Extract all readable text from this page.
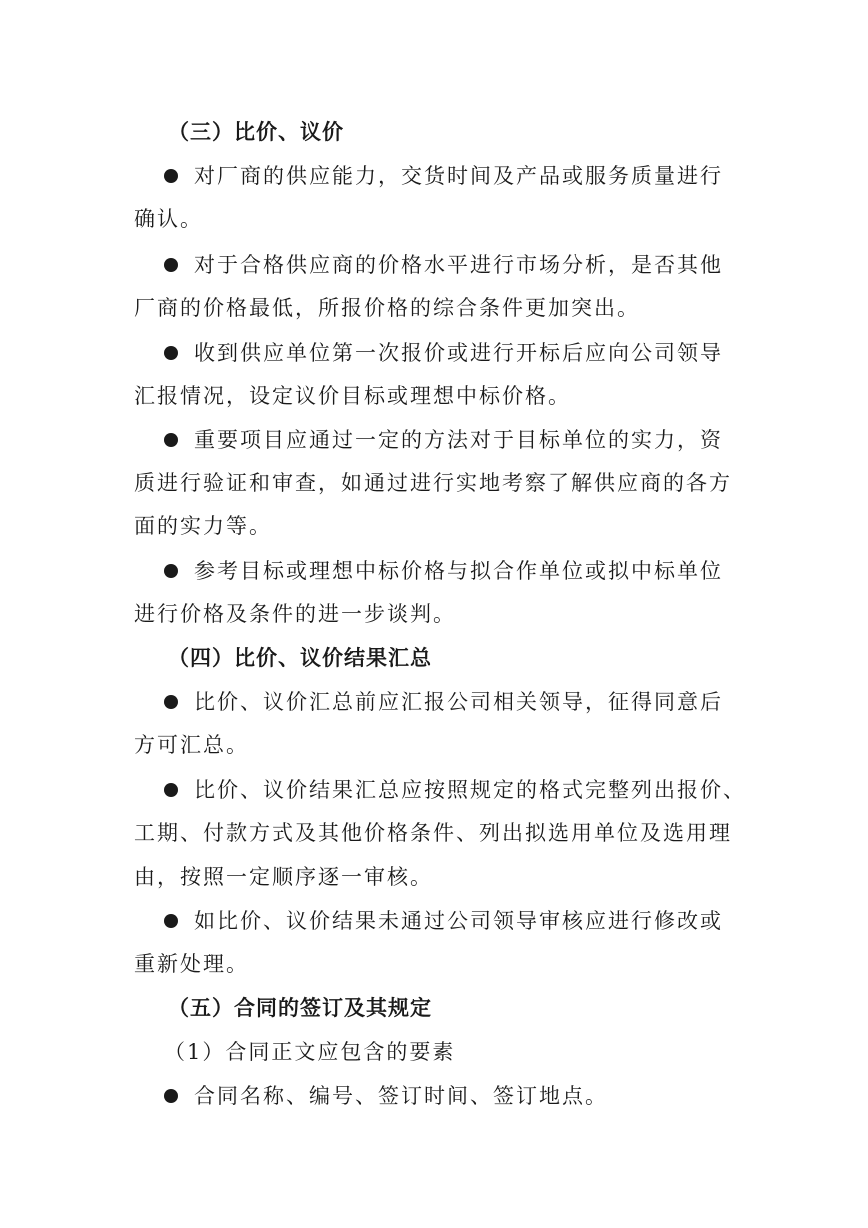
（三）比价、议价
对厂商的供应能力，交货时间及产品或服务质量进行
确认。
对于合格供应商的价格水平进行市场分析，是否其他
厂商的价格最低，所报价格的综合条件更加突出。
收到供应单位第一次报价或进行开标后应向公司领导
汇报情况，设定议价目标或理想中标价格。
重要项目应通过一定的方法对于目标单位的实力，资
质进行验证和审查，如通过进行实地考察了解供应商的各方
面的实力等。
参考目标或理想中标价格与拟合作单位或拟中标单位
进行价格及条件的进一步谈判。
（四）比价、议价结果汇总
比价、议价汇总前应汇报公司相关领导，征得同意后
方可汇总。
比价、议价结果汇总应按照规定的格式完整列出报价、
工期、付款方式及其他价格条件、列出拟选用单位及选用理
由，按照一定顺序逐一审核。
如比价、议价结果未通过公司领导审核应进行修改或
重新处理。
（五）合同的签订及其规定
（1）合同正文应包含的要素
合同名称、编号、签订时间、签订地点。
